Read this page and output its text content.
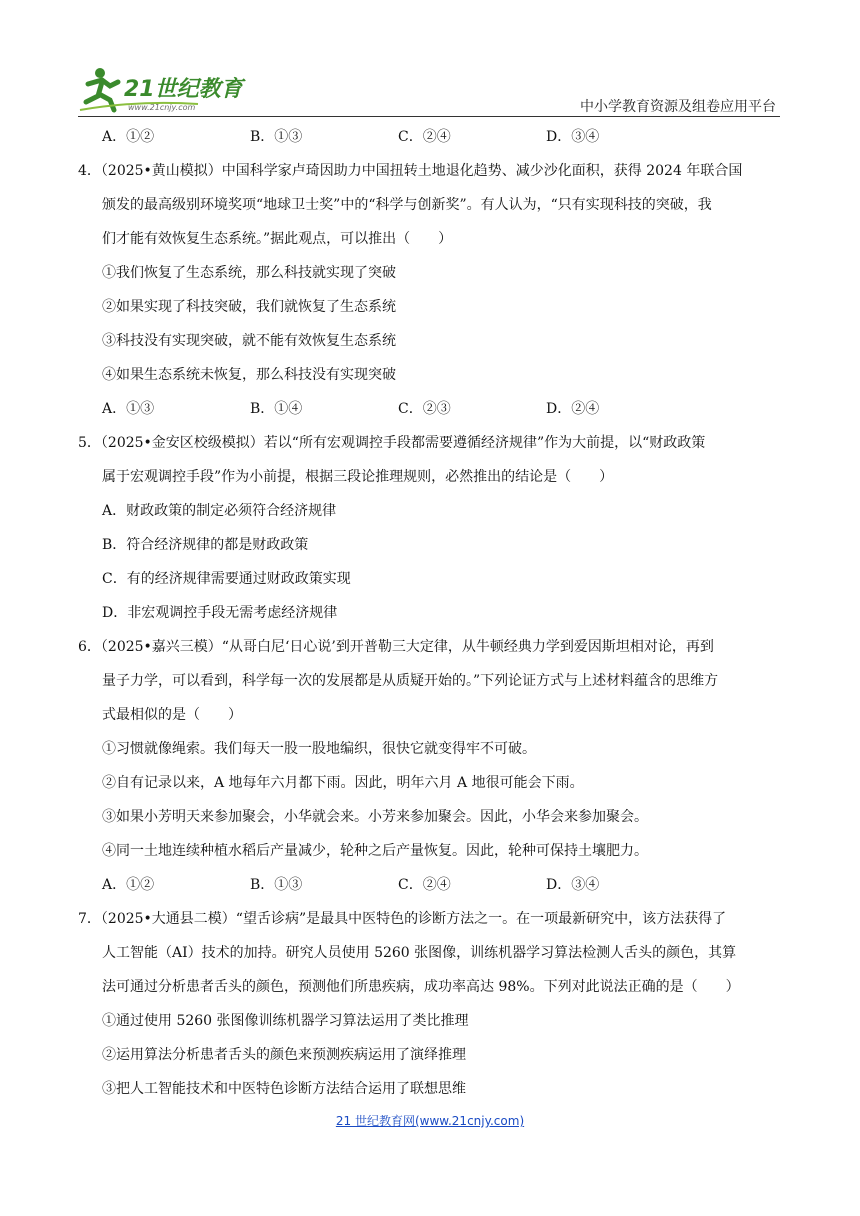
21世纪教育
www.21cnjy.com	中小学教育资源及组卷应用平台
A．①②	B．①③	C．②④	D．③④
4．（2025•黄山模拟）中国科学家卢琦因助力中国扭转土地退化趋势、减少沙化面积，获得 2024 年联合国
颁发的最高级别环境奖项“地球卫士奖”中的“科学与创新奖”。有人认为，“只有实现科技的突破，我
们才能有效恢复生态系统。”据此观点，可以推出（　　）
①我们恢复了生态系统，那么科技就实现了突破
②如果实现了科技突破，我们就恢复了生态系统
③科技没有实现突破，就不能有效恢复生态系统
④如果生态系统未恢复，那么科技没有实现突破
A．①③	B．①④	C．②③	D．②④
5．（2025•金安区校级模拟）若以“所有宏观调控手段都需要遵循经济规律”作为大前提，以“财政政策
属于宏观调控手段”作为小前提，根据三段论推理规则，必然推出的结论是（　　）
A．财政政策的制定必须符合经济规律
B．符合经济规律的都是财政政策
C．有的经济规律需要通过财政政策实现
D．非宏观调控手段无需考虑经济规律
6．（2025•嘉兴三模）“从哥白尼‘日心说’到开普勒三大定律，从牛顿经典力学到爱因斯坦相对论，再到
量子力学，可以看到，科学每一次的发展都是从质疑开始的。”下列论证方式与上述材料蕴含的思维方
式最相似的是（　　）
①习惯就像绳索。我们每天一股一股地编织，很快它就变得牢不可破。
②自有记录以来，A 地每年六月都下雨。因此，明年六月 A 地很可能会下雨。
③如果小芳明天来参加聚会，小华就会来。小芳来参加聚会。因此，小华会来参加聚会。
④同一土地连续种植水稻后产量减少，轮种之后产量恢复。因此，轮种可保持土壤肥力。
A．①②	B．①③	C．②④	D．③④
7．（2025•大通县二模）“望舌诊病”是最具中医特色的诊断方法之一。在一项最新研究中，该方法获得了
人工智能（AI）技术的加持。研究人员使用 5260 张图像，训练机器学习算法检测人舌头的颜色，其算
法可通过分析患者舌头的颜色，预测他们所患疾病，成功率高达 98%。下列对此说法正确的是（　　）
①通过使用 5260 张图像训练机器学习算法运用了类比推理
②运用算法分析患者舌头的颜色来预测疾病运用了演绎推理
③把人工智能技术和中医特色诊断方法结合运用了联想思维
21 世纪教育网(www.21cnjy.com)
